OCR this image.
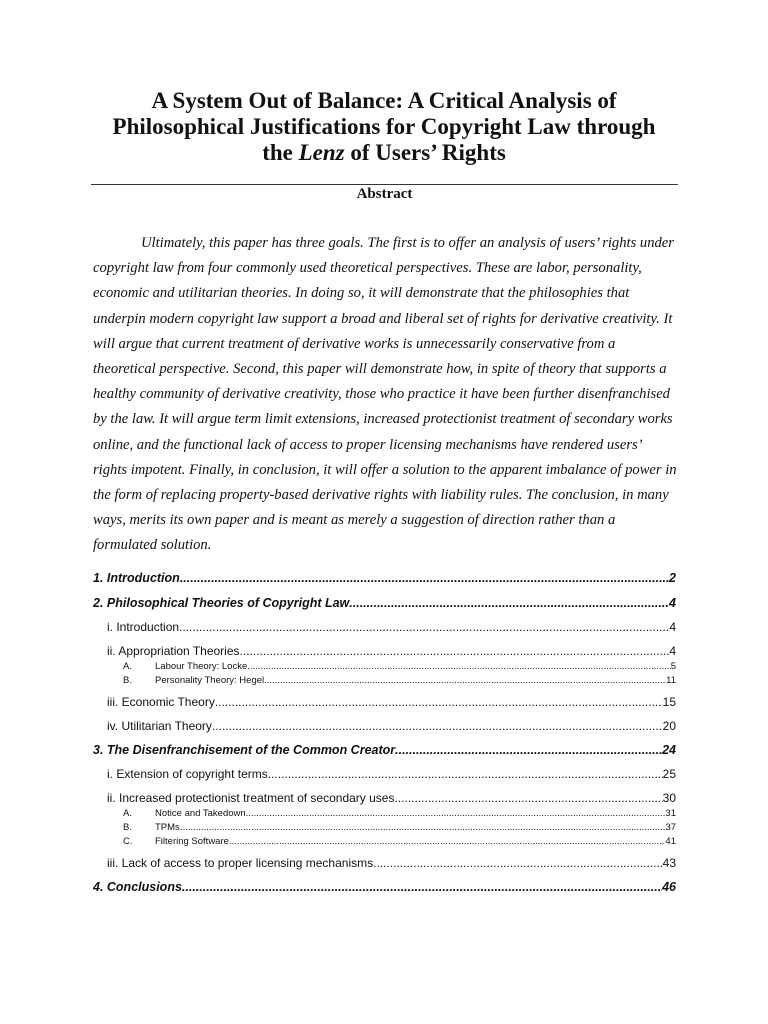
A System Out of Balance: A Critical Analysis of
Philosophical Justifications for Copyright Law through
the Lenz of Users’ Rights
Abstract

Ultimately, this paper has three goals. The first is to offer an analysis of users’ rights under copyright law from four commonly used theoretical perspectives. These are labor, personality, economic and utilitarian theories. In doing so, it will demonstrate that the philosophies that underpin modern copyright law support a broad and liberal set of rights for derivative creativity. It will argue that current treatment of derivative works is unnecessarily conservative from a theoretical perspective. Second, this paper will demonstrate how, in spite of theory that supports a healthy community of derivative creativity, those who practice it have been further disenfranchised by the law. It will argue term limit extensions, increased protectionist treatment of secondary works online, and the functional lack of access to proper licensing mechanisms have rendered users’ rights impotent. Finally, in conclusion, it will offer a solution to the apparent imbalance of power in the form of replacing property-based derivative rights with liability rules. The conclusion, in many ways, merits its own paper and is meant as merely a suggestion of direction rather than a formulated solution.

1. Introduction .....	2
2. Philosophical Theories of Copyright Law .....	4
i. Introduction .....	4
ii. Appropriation Theories .....	4
A. Labour Theory: Locke .....	5
B. Personality Theory: Hegel .....	11
iii. Economic Theory .....	15
iv. Utilitarian Theory .....	20
3. The Disenfranchisement of the Common Creator .....	24
i. Extension of copyright terms .....	25
ii. Increased protectionist treatment of secondary uses .....	30
A. Notice and Takedown .....	31
B. TPMs .....	37
C. Filtering Software .....	41
iii. Lack of access to proper licensing mechanisms .....	43
4. Conclusions .....	46
